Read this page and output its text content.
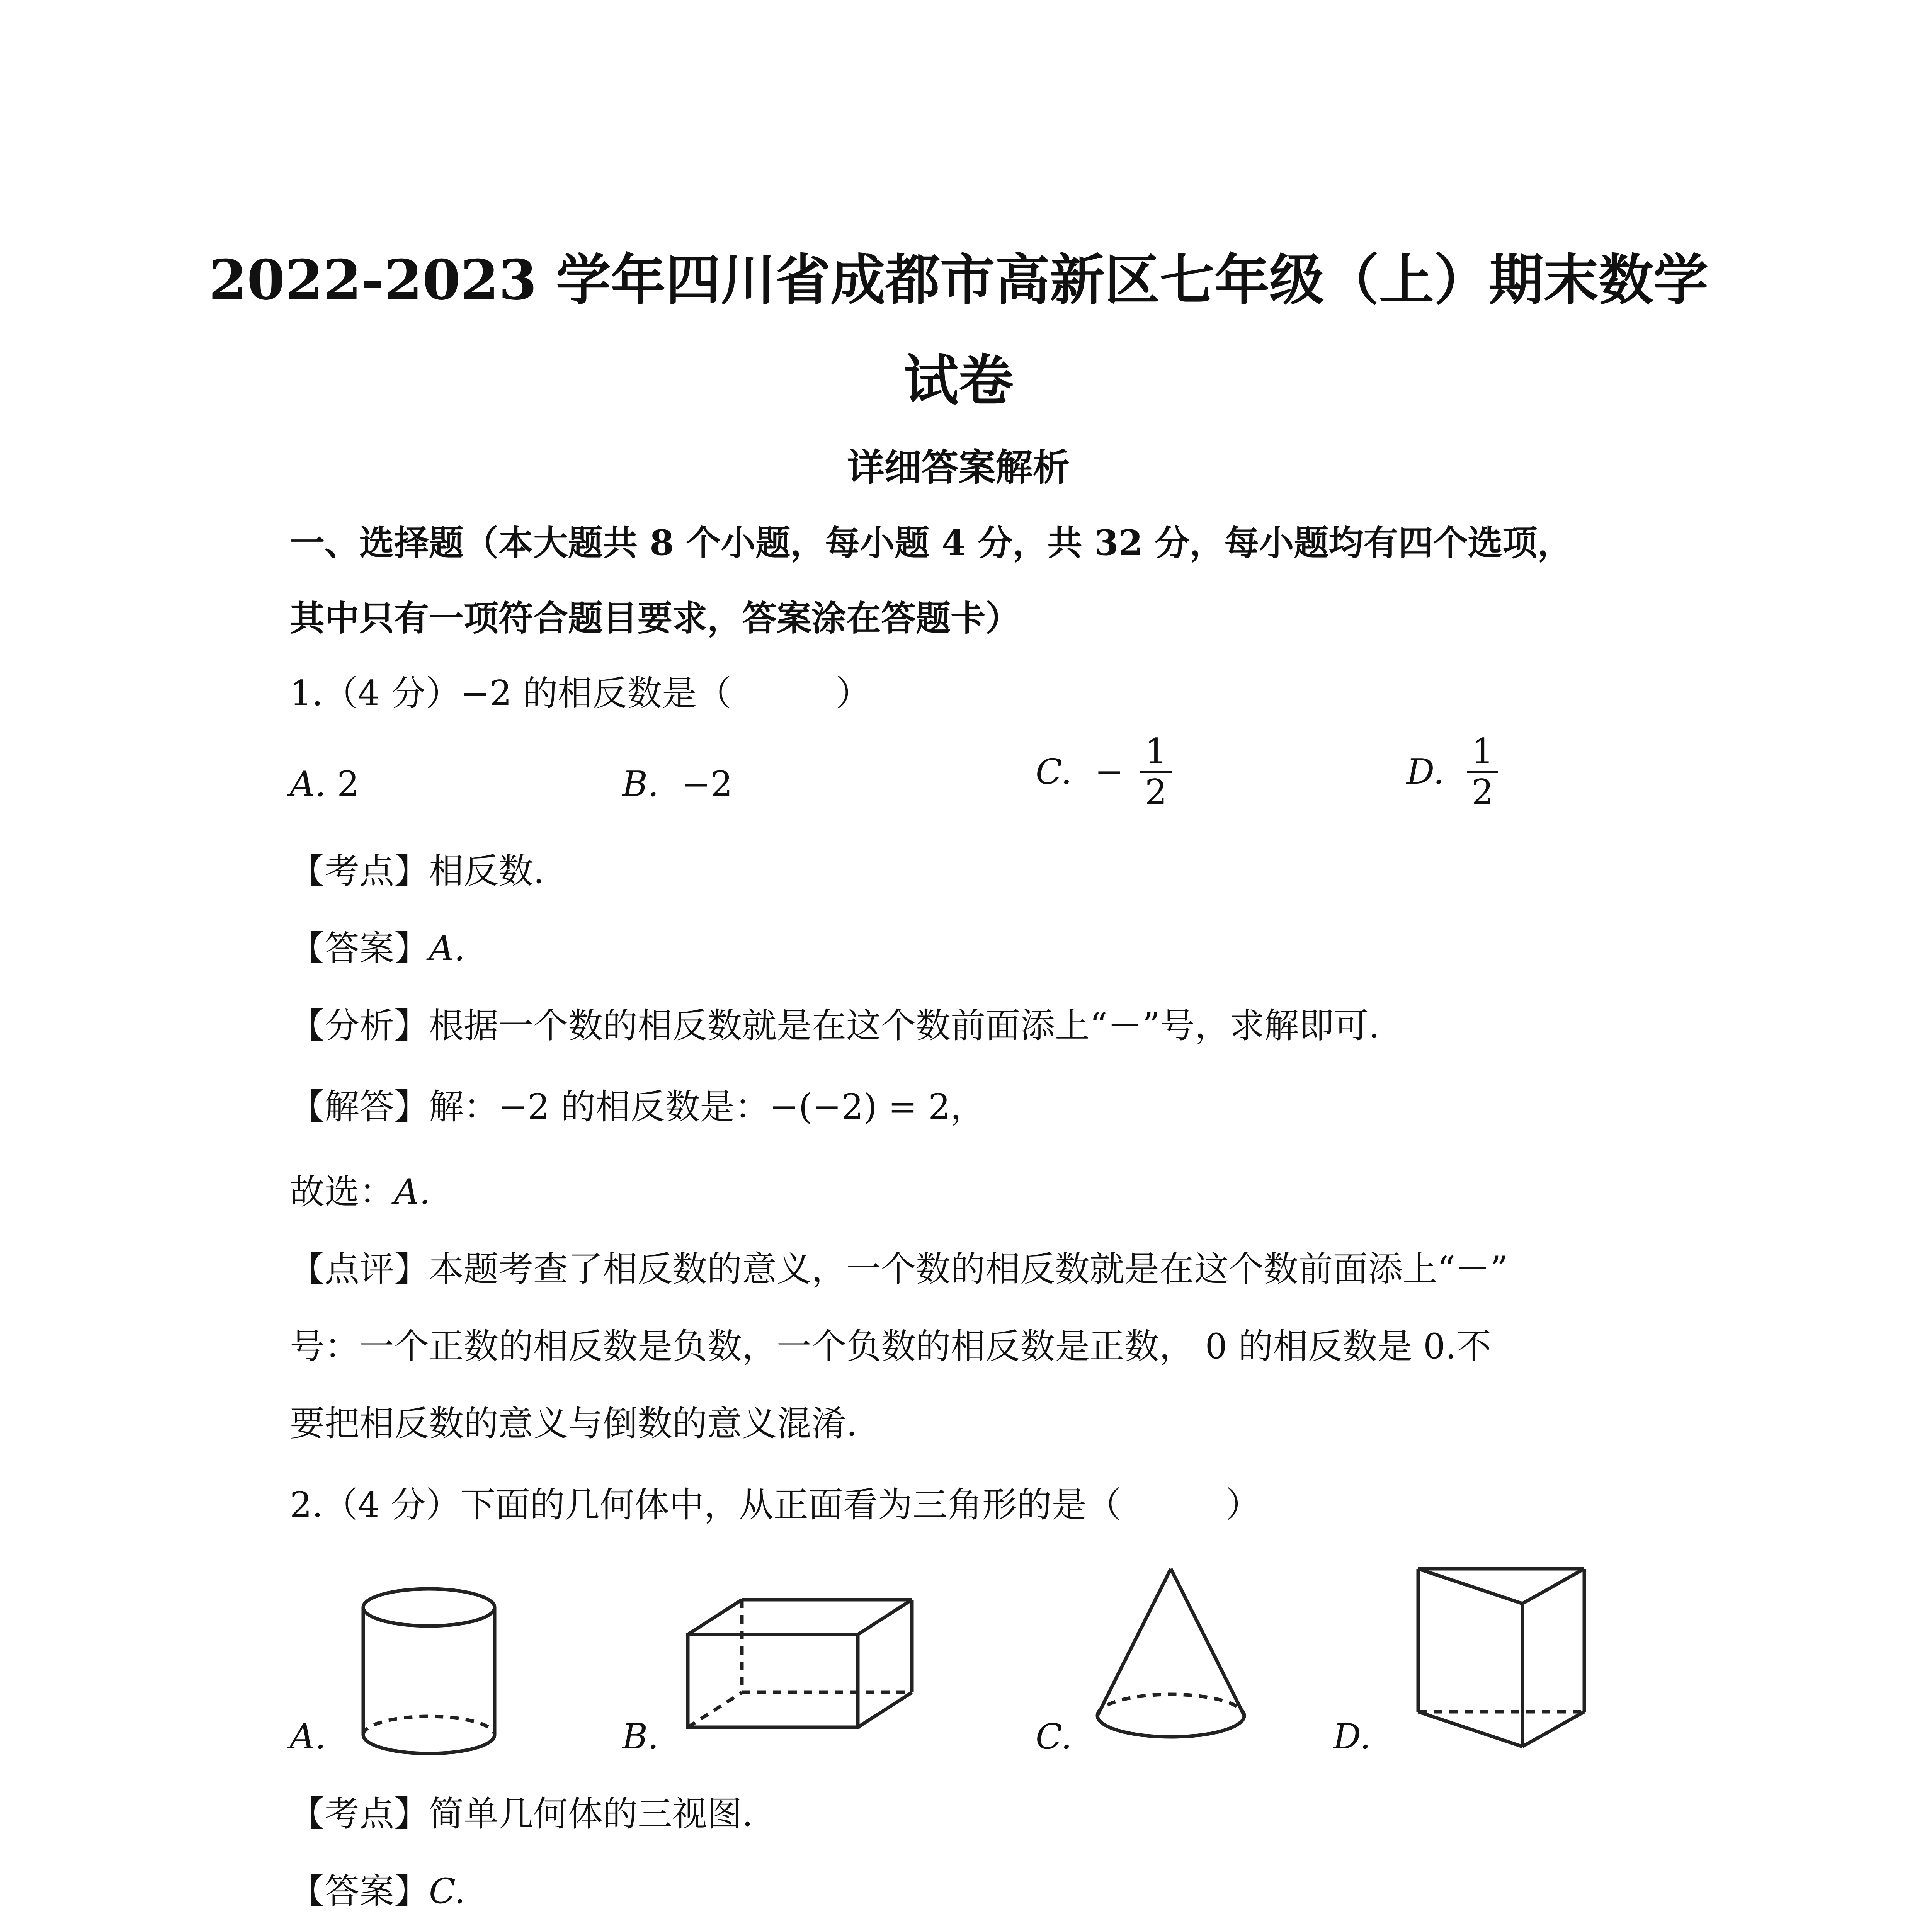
2022-2023 学年四川省成都市高新区七年级（上）期末数学
试卷
详细答案解析
一、选择题（本大题共 8 个小题，每小题 4 分，共 32 分，每小题均有四个选项，
其中只有一项符合题目要求，答案涂在答题卡）
1.（4 分）−2 的相反数是（　　　）
A. 2	B. −2	C. − $\frac{1}{2}$	D. $\frac{1}{2}$
【考点】相反数.
【答案】A.
【分析】根据一个数的相反数就是在这个数前面添上“－”号，求解即可.
【解答】解：−2 的相反数是：−(−2) = 2，
故选：A.
【点评】本题考查了相反数的意义，一个数的相反数就是在这个数前面添上“－”
号：一个正数的相反数是负数，一个负数的相反数是正数， 0 的相反数是 0.不
要把相反数的意义与倒数的意义混淆.
2.（4 分）下面的几何体中，从正面看为三角形的是（　　　）
A.	B.	C.	D.
【考点】简单几何体的三视图.
【答案】C.
